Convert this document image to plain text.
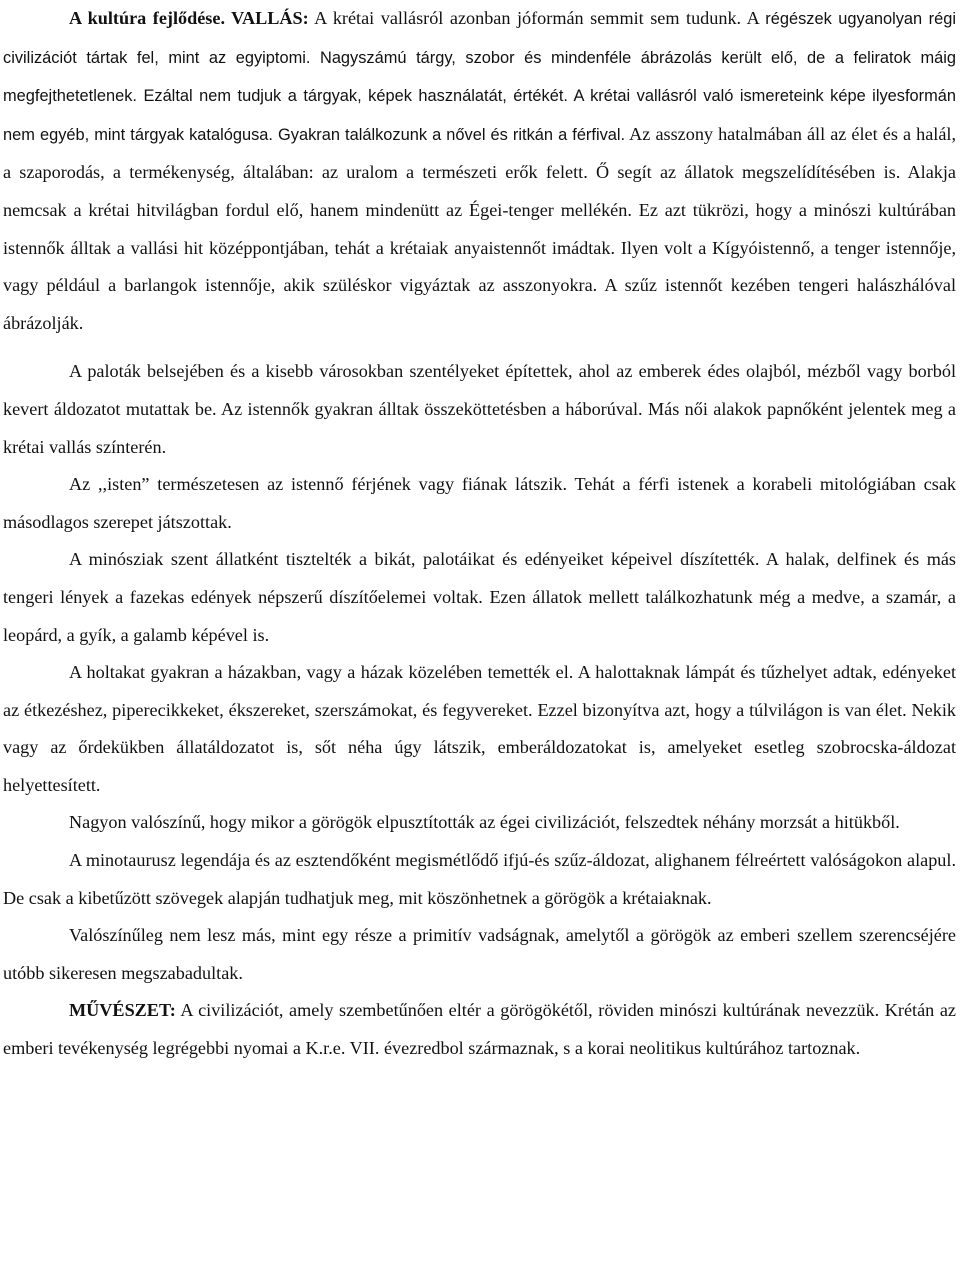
A kultúra fejlődése. VALLÁS: A krétai vallásról azonban jóformán semmit sem tudunk. A régészek ugyanolyan régi civilizációt tártak fel, mint az egyiptomi. Nagyszámú tárgy, szobor és mindenféle ábrázolás került elő, de a feliratok máig megfejthetetlenek. Ezáltal nem tudjuk a tárgyak, képek használatát, értékét. A krétai vallásról való ismereteink képe ilyesformán nem egyéb, mint tárgyak katalógusa. Gyakran találkozunk a nővel és ritkán a férfival. Az asszony hatalmában áll az élet és a halál, a szaporodás, a termékenység, általában: az uralom a természeti erők felett. Ő segít az állatok megszelídítésében is. Alakja nemcsak a krétai hitvilágban fordul elő, hanem mindenütt az Égei-tenger mellékén. Ez azt tükrözi, hogy a minószi kultúrában istennők álltak a vallási hit középpontjában, tehát a krétaiak anyaistennőt imádtak. Ilyen volt a Kígyóistennő, a tenger istennője, vagy például a barlangok istennője, akik szüléskor vigyáztak az asszonyokra. A szűz istennőt kezében tengeri halászhálóval ábrázolják.

A paloták belsejében és a kisebb városokban szentélyeket építettek, ahol az emberek édes olajból, mézből vagy borból kevert áldozatot mutattak be. Az istennők gyakran álltak összeköttetésben a háborúval. Más női alakok papnőként jelentek meg a krétai vallás színterén.

Az ,,isten” természetesen az istennő férjének vagy fiának látszik. Tehát a férfi istenek a korabeli mitológiában csak másodlagos szerepet játszottak.

A minósziak szent állatként tisztelték a bikát, palotáikat és edényeiket képeivel díszítették. A halak, delfinek és más tengeri lények a fazekas edények népszerű díszítőelemei voltak. Ezen állatok mellett találkozhatunk még a medve, a szamár, a leopárd, a gyík, a galamb képével is.

A holtakat gyakran a házakban, vagy a házak közelében temették el. A halottaknak lámpát és tűzhelyet adtak, edényeket az étkezéshez, piperecikkeket, ékszereket, szerszámokat, és fegyvereket. Ezzel bizonyítva azt, hogy a túlvilágon is van élet. Nekik vagy az őrdekükben állatáldozatot is, sőt néha úgy látszik, emberáldozatokat is, amelyeket esetleg szobrocska-áldozat helyettesített.

Nagyon valószínű, hogy mikor a görögök elpusztították az égei civilizációt, felszedtek néhány morzsát a hitükből.

A minotaurusz legendája és az esztendőként megismétlődő ifjú-és szűz-áldozat, alighanem félreértett valóságokon alapul. De csak a kibetűzött szövegek alapján tudhatjuk meg, mit köszönhetnek a görögök a krétaiaknak.

Valószínűleg nem lesz más, mint egy része a primitív vadságnak, amelytől a görögök az emberi szellem szerencséjére utóbb sikeresen megszabadultak.

MŰVÉSZET: A civilizációt, amely szembetűnően eltér a görögökétől, röviden minószi kultúrának nevezzük. Krétán az emberi tevékenység legrégebbi nyomai a K.r.e. VII. évezredbol származnak, s a korai neolitikus kultúrához tartoznak.
